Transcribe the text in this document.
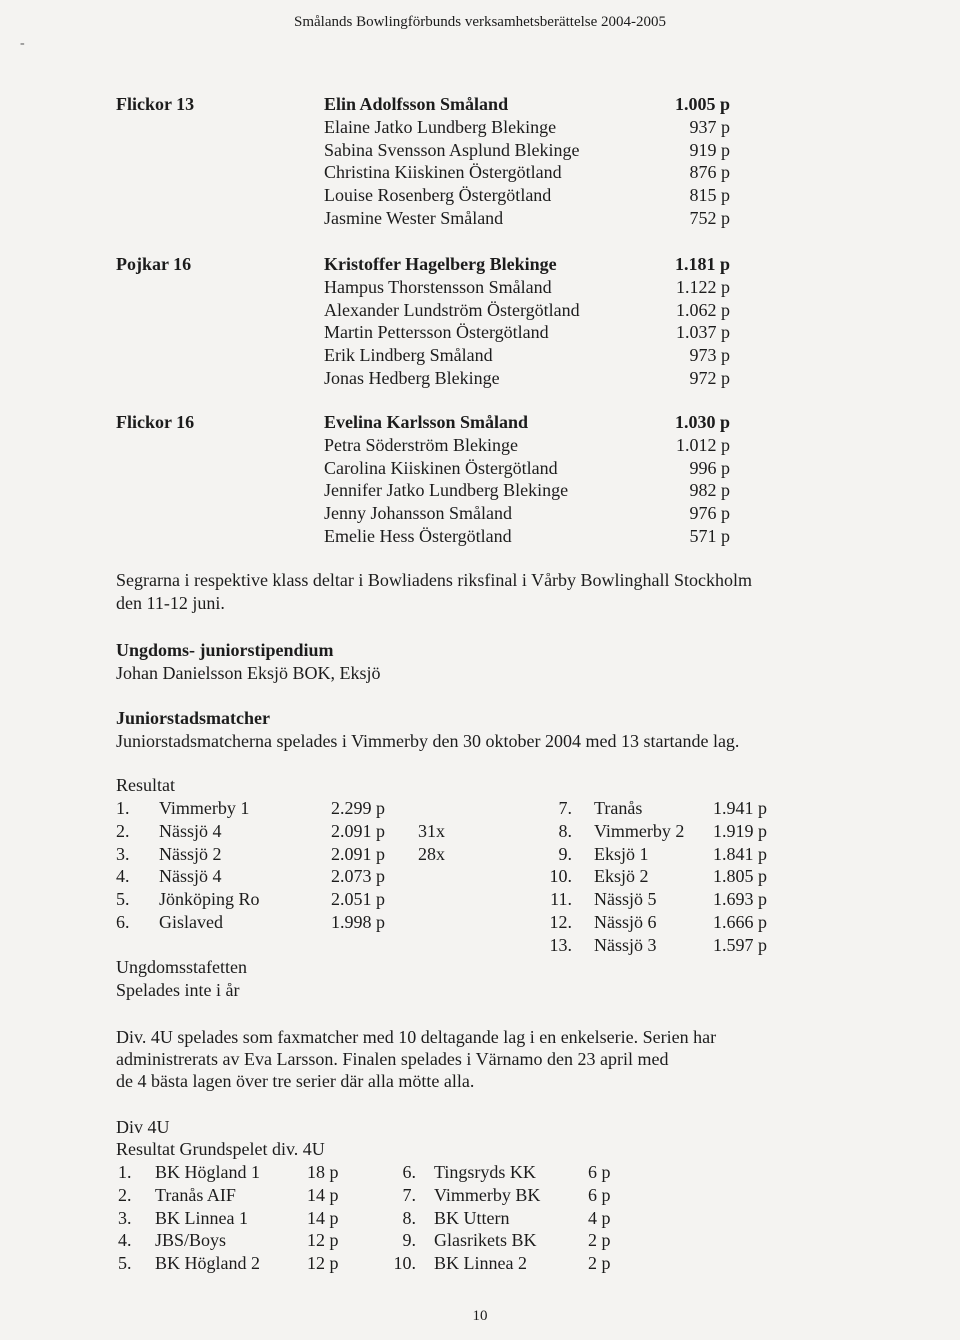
Smålands Bowlingförbunds verksamhetsberättelse 2004-2005
-
Flickor 13	Elin Adolfsson Småland	1.005 p
Elaine Jatko Lundberg Blekinge	937 p
Sabina Svensson Asplund Blekinge	919 p
Christina Kiiskinen Östergötland	876 p
Louise Rosenberg Östergötland	815 p
Jasmine Wester Småland	752 p
Pojkar 16	Kristoffer Hagelberg Blekinge	1.181 p
Hampus Thorstensson Småland	1.122 p
Alexander Lundström Östergötland	1.062 p
Martin Pettersson Östergötland	1.037 p
Erik Lindberg Småland	973 p
Jonas Hedberg Blekinge	972 p
Flickor 16	Evelina Karlsson Småland	1.030 p
Petra Söderström Blekinge	1.012 p
Carolina Kiiskinen Östergötland	996 p
Jennifer Jatko Lundberg Blekinge	982 p
Jenny Johansson Småland	976 p
Emelie Hess Östergötland	571 p
Segrarna i respektive klass deltar i Bowliadens riksfinal i Vårby Bowlinghall Stockholm
den 11-12 juni.
Ungdoms- juniorstipendium
Johan Danielsson Eksjö BOK, Eksjö
Juniorstadsmatcher
Juniorstadsmatcherna spelades i Vimmerby den 30 oktober 2004 med 13 startande lag.
Resultat
1. Vimmerby 1	2.299 p
2. Nässjö 4	2.091 p 31x
3. Nässjö 2	2.091 p 28x
4. Nässjö 4	2.073 p
5. Jönköping Ro	2.051 p
6. Gislaved	1.998 p
7. Tranås	1.941 p
8. Vimmerby 2 1.919 p
9. Eksjö 1	1.841 p
10. Eksjö 2	1.805 p
11. Nässjö 5	1.693 p
12. Nässjö 6	1.666 p
13. Nässjö 3	1.597 p
Ungdomsstafetten
Spelades inte i år
Div. 4U spelades som faxmatcher med 10 deltagande lag i en enkelserie. Serien har
administrerats av Eva Larsson. Finalen spelades i Värnamo den 23 april med
de 4 bästa lagen över tre serier där alla mötte alla.
Div 4U
Resultat Grundspelet div. 4U
1. BK Högland 1	18 p
2. Tranås AIF	14 p
3. BK Linnea 1	14 p
4. JBS/Boys	12 p
5. BK Högland 2	12 p
6. Tingsryds KK	6 p
7. Vimmerby BK	6 p
8. BK Uttern	4 p
9. Glasrikets BK	2 p
10. BK Linnea 2	2 p
10
